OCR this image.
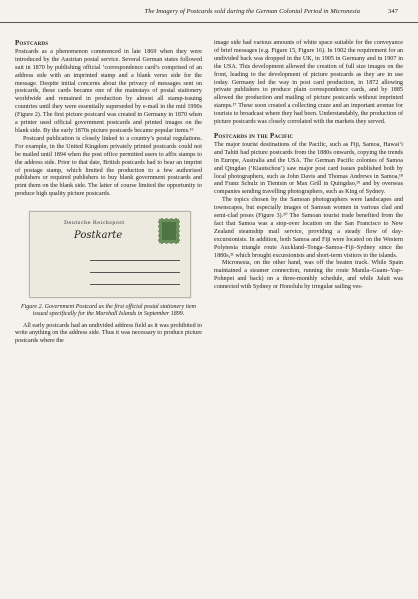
The Imagery of Postcards sold during the German Colonial Period in Micronesia	347
Postcards

Postcards as a phenomenon commenced in late 1869 when they were introduced by the Austrian postal service. Several German states followed suit in 1870 by publishing official ‘correspondence card’s comprised of an address side with an imprinted stamp and a blank verso side for the message. Despite initial concerns about the privacy of messages sent on postcards, these cards became one of the mainstays of postal stationery worldwide and remained in production by almost all stamp-issuing countries until they were essentially superseded by e-mail in the mid 1990s (Figure 2). The first picture postcard was created in Germany in 1870 when a printer used official government postcards and printed images on the blank side. By the early 1870s picture postcards became popular items.¹⁶

Postcard publication is closely linked to a country’s postal regulations. For example, in the United Kingdom privately printed postcards could not be mailed until 1894 when the post office permitted users to affix stamps to the address side. Prior to that date, British postcards had to bear an imprint of postage stamp, which limited the production to a few authorised publishers or required publishers to buy blank government postcards and print them on the blank side. The latter of course limited the opportunity to produce high quality picture postcards.

Deutsche Reichspost
Postkarte
Figure 2. Government Postcard as the first official postal stationery item issued specifically for the Marshall Islands in September 1899.

All early postcards had an undivided address field as it was prohibited to write anything on the address side. Thus it was necessary to produce picture postcards where the

image side had various amounts of white space suitable for the conveyance of brief messages (e.g. Figure 15, Figure 16). In 1902 the requirement for an undivided back was dropped in the UK, in 1905 in Germany and in 1907 in the USA. This development allowed the creation of full size images on the front, leading to the development of picture postcards as they are in use today. Germany led the way in post card production, in 1872 allowing private publishers to produce plain correspondence cards, and by 1885 allowed the production and mailing of picture postcards without imprinted stamps.¹⁷ These soon created a collecting craze and an important avenue for tourists to broadcast where they had been. Understandably, the production of picture postcards was closely correlated with the markets they served.

Postcards in the Pacific

The major tourist destinations of the Pacific, such as Fiji, Samoa, Hawai‘i and Tahiti had picture postcards from the 1880s onwards, copying the trends in Europe, Australia and the USA. The German Pacific colonies of Samoa and Qingdao (‘Kiautschou’) saw major post card issues published both by local photographers, such as John Davis and Thomas Andrews in Samoa,¹⁸ and Franz Schulz in Tientsin or Max Grill in Quingdao,¹⁹ and by overseas companies sending travelling photographers, such as King of Sydney.

The topics chosen by the Samoan photographers were landscapes and townscapes, but especially images of Samoan women in various clad and semi-clad poses (Figure 3).²⁰ The Samoan tourist trade benefited from the fact that Samoa was a stop-over location on the San Francisco to New Zealand steamship mail service, providing a steady flow of day-excursionists. In addition, both Samoa and Fiji were located on the Western Polynesia triangle route Auckland–Tonga–Samoa–Fiji–Sydney since the 1880s,²¹ which brought excursionists and short-term visitors to the islands.

Micronesia, on the other hand, was off the beaten track. While Spain maintained a steamer connection, running the route Manila–Guam–Yap–Pohnpei and back) on a three-monthly schedule, and while Jaluit was connected with Sydney or Honolulu by irregular sailing ves-
